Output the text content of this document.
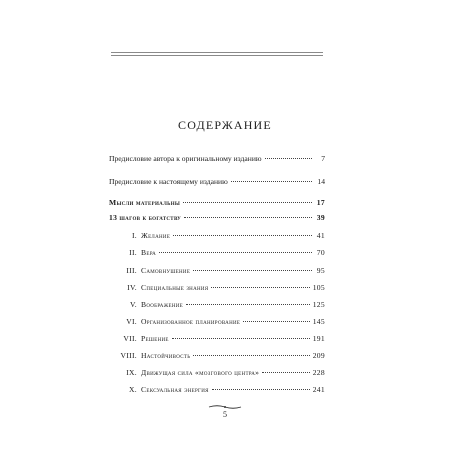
СОДЕРЖАНИЕ
Предисловие автора к оригинальному изданию	7
Предисловие к настоящему изданию	14
Мысли материальны	17
13 шагов к богатству	39
I. Желание	41
II. Вера	70
III. Самовнушение	95
IV. Специальные знания	105
V. Воображение	125
VI. Организованное планирование	145
VII. Решение	191
VIII. Настойчивость	209
IX. Движущая сила «мозгового центра»	228
X. Сексуальная энергия	241
5
